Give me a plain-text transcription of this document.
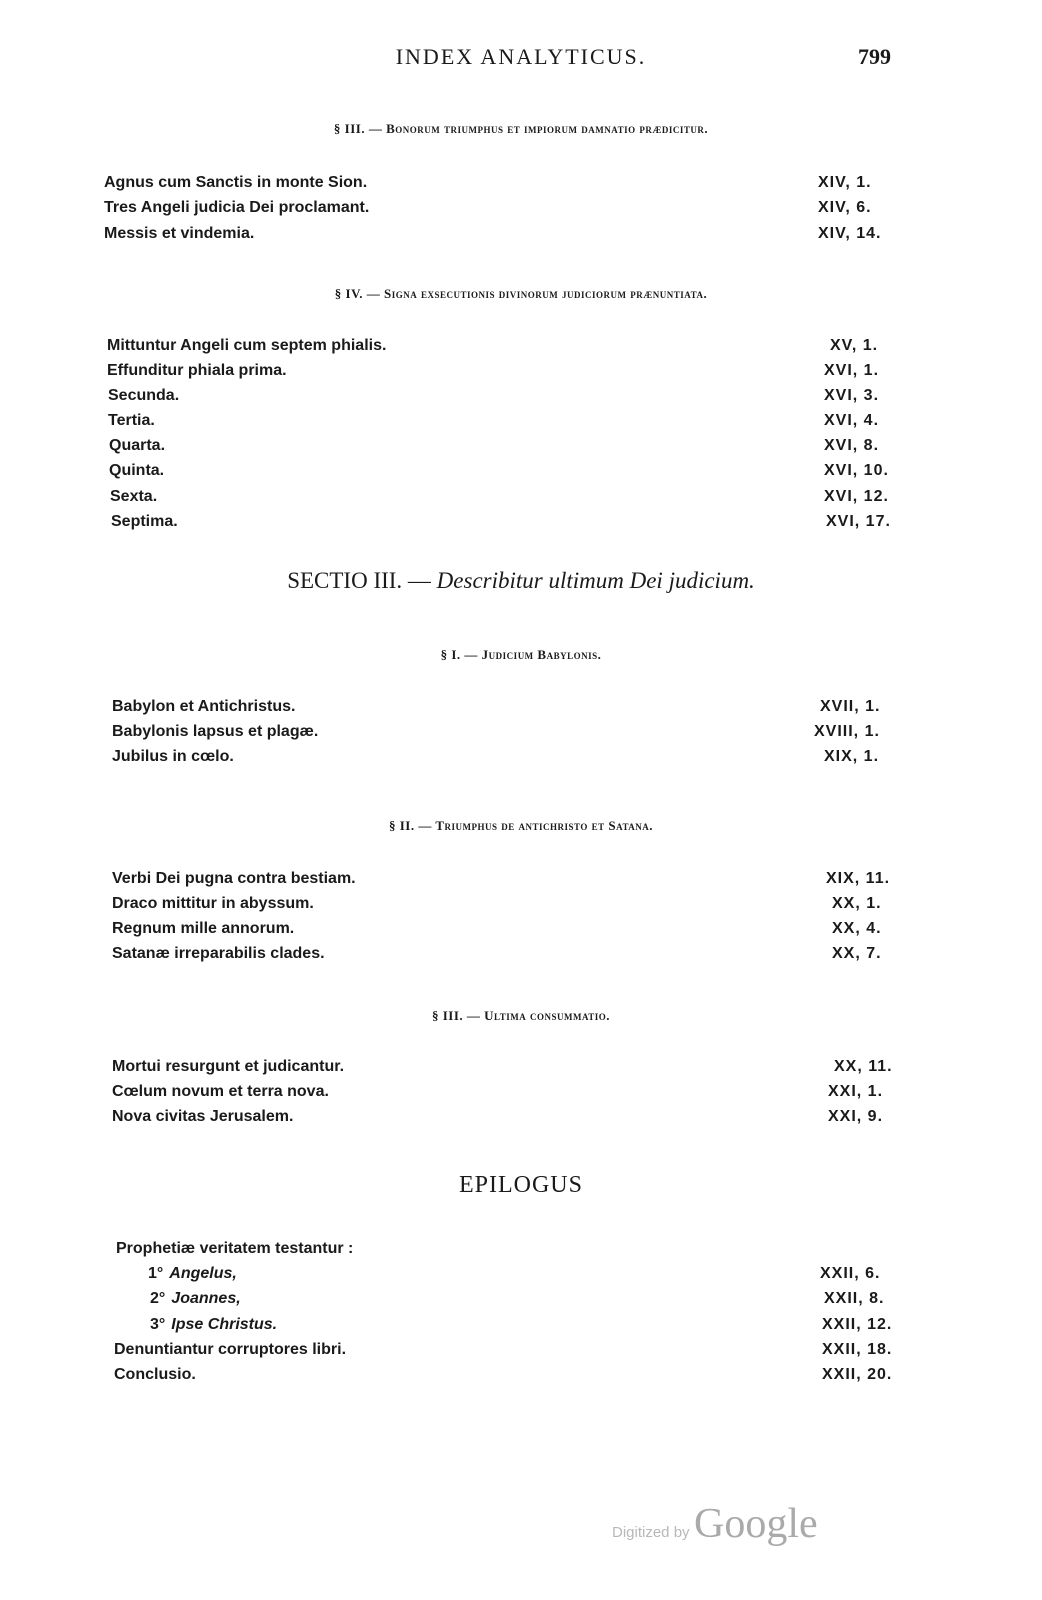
INDEX ANALYTICUS.	799
§ III. — Bonorum triumphus et impiorum damnatio prædicitur.
Agnus cum Sanctis in monte Sion.	XIV, 1.
Tres Angeli judicia Dei proclamant.	XIV, 6.
Messis et vindemia.	XIV, 14.
§ IV. — Signa exsecutionis divinorum judiciorum prænuntiata.
Mittuntur Angeli cum septem phialis.	XV, 1.
Effunditur phiala prima.	XVI, 1.
Secunda.	XVI, 3.
Tertia.	XVI, 4.
Quarta.	XVI, 8.
Quinta.	XVI, 10.
Sexta.	XVI, 12.
Septima.	XVI, 17.
SECTIO III. — Describitur ultimum Dei judicium.
§ I. — Judicium Babylonis.
Babylon et Antichristus.	XVII, 1.
Babylonis lapsus et plagæ.	XVIII, 1.
Jubilus in cœlo.	XIX, 1.
§ II. — Triumphus de antichristo et Satana.
Verbi Dei pugna contra bestiam.	XIX, 11.
Draco mittitur in abyssum.	XX, 1.
Regnum mille annorum.	XX, 4.
Satanæ irreparabilis clades.	XX, 7.
§ III. — Ultima consummatio.
Mortui resurgunt et judicantur.	XX, 11.
Cœlum novum et terra nova.	XXI, 1.
Nova civitas Jerusalem.	XXI, 9.
EPILOGUS
Prophetiæ veritatem testantur :
1° Angelus,	XXII, 6.
2° Joannes,	XXII, 8.
3° Ipse Christus.	XXII, 12.
Denuntiantur corruptores libri.	XXII, 18.
Conclusio.	XXII, 20.
Digitized by Google
